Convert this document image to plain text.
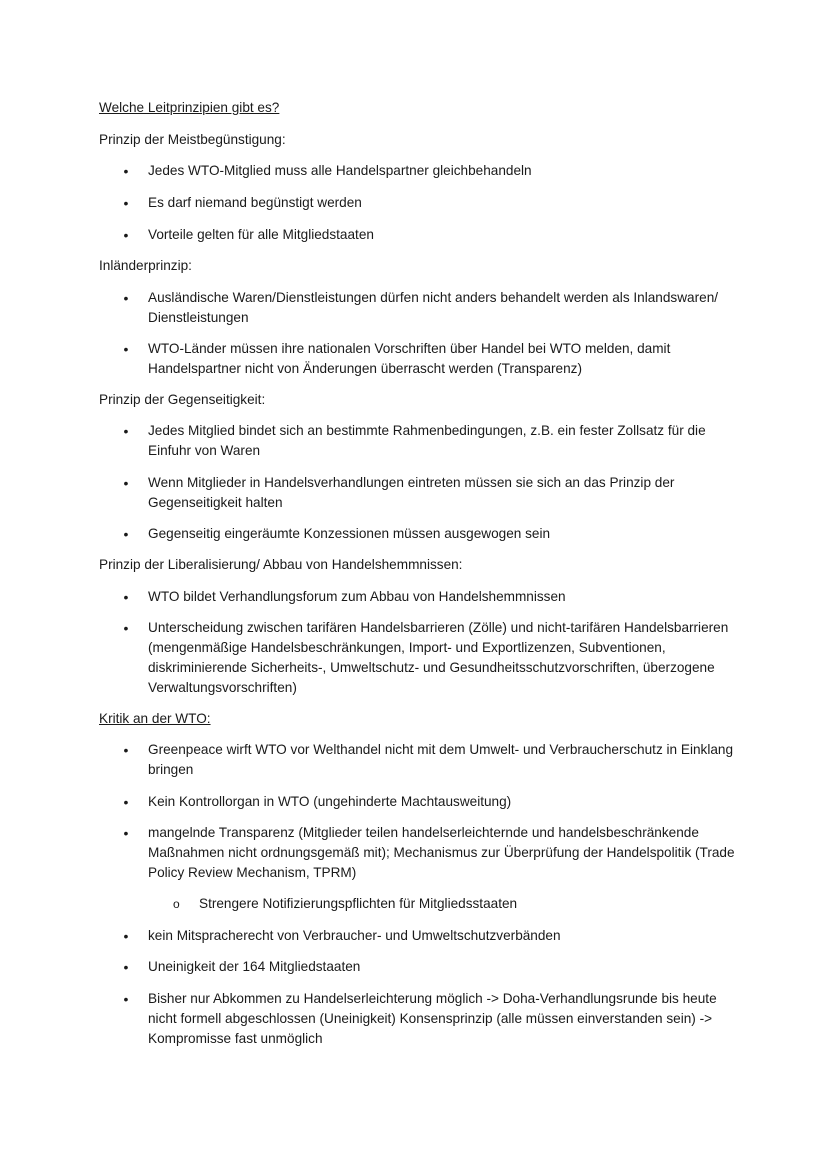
Welche Leitprinzipien gibt es?
Prinzip der Meistbegünstigung:
• Jedes WTO-Mitglied muss alle Handelspartner gleichbehandeln
• Es darf niemand begünstigt werden
• Vorteile gelten für alle Mitgliedstaaten
Inländerprinzip:
• Ausländische Waren/Dienstleistungen dürfen nicht anders behandelt werden als Inlandswaren/ Dienstleistungen
• WTO-Länder müssen ihre nationalen Vorschriften über Handel bei WTO melden, damit Handelspartner nicht von Änderungen überrascht werden (Transparenz)
Prinzip der Gegenseitigkeit:
• Jedes Mitglied bindet sich an bestimmte Rahmenbedingungen, z.B. ein fester Zollsatz für die Einfuhr von Waren
• Wenn Mitglieder in Handelsverhandlungen eintreten müssen sie sich an das Prinzip der Gegenseitigkeit halten
• Gegenseitig eingeräumte Konzessionen müssen ausgewogen sein
Prinzip der Liberalisierung/ Abbau von Handelshemmnissen:
• WTO bildet Verhandlungsforum zum Abbau von Handelshemmnissen
• Unterscheidung zwischen tarifären Handelsbarrieren (Zölle) und nicht-tarifären Handelsbarrieren (mengenmäßige Handelsbeschränkungen, Import- und Exportlizenzen, Subventionen, diskriminierende Sicherheits-, Umweltschutz- und Gesundheitsschutzvorschriften, überzogene Verwaltungsvorschriften)
Kritik an der WTO:
• Greenpeace wirft WTO vor Welthandel nicht mit dem Umwelt- und Verbraucherschutz in Einklang bringen
• Kein Kontrollorgan in WTO (ungehinderte Machtausweitung)
• mangelnde Transparenz (Mitglieder teilen handelserleichternde und handelsbeschränkende Maßnahmen nicht ordnungsgemäß mit); Mechanismus zur Überprüfung der Handelspolitik (Trade Policy Review Mechanism, TPRM)
o Strengere Notifizierungspflichten für Mitgliedsstaaten
• kein Mitspracherecht von Verbraucher- und Umweltschutzverbänden
• Uneinigkeit der 164 Mitgliedstaaten
• Bisher nur Abkommen zu Handelserleichterung möglich -> Doha-Verhandlungsrunde bis heute nicht formell abgeschlossen (Uneinigkeit) Konsensprinzip (alle müssen einverstanden sein) -> Kompromisse fast unmöglich
